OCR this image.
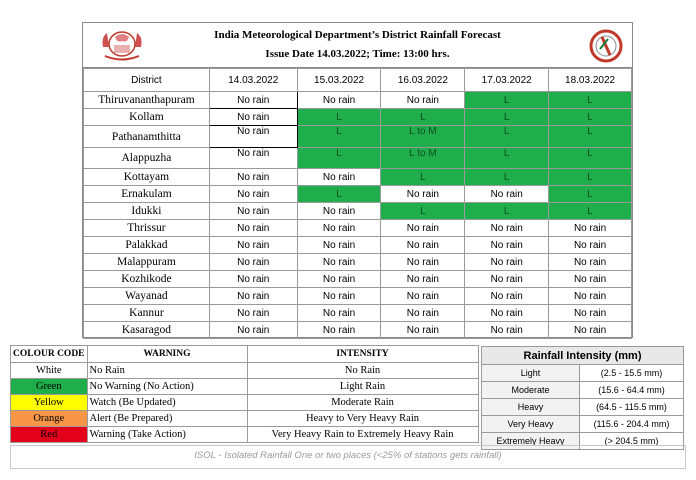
India Meteorological Department’s District Rainfall Forecast
Issue Date 14.03.2022; Time: 13:00 hrs.
District	14.03.2022	15.03.2022	16.03.2022	17.03.2022	18.03.2022
Thiruvananthapuram	No rain	No rain	No rain	L	L
Kollam	No rain	L	L	L	L
Pathanamthitta	No rain	L	L to M	L	L
Alappuzha	No rain	L	L to M	L	L
Kottayam	No rain	No rain	L	L	L
Ernakulam	No rain	L	No rain	No rain	L
Idukki	No rain	No rain	L	L	L
Thrissur	No rain	No rain	No rain	No rain	No rain
Palakkad	No rain	No rain	No rain	No rain	No rain
Malappuram	No rain	No rain	No rain	No rain	No rain
Kozhikode	No rain	No rain	No rain	No rain	No rain
Wayanad	No rain	No rain	No rain	No rain	No rain
Kannur	No rain	No rain	No rain	No rain	No rain
Kasaragod	No rain	No rain	No rain	No rain	No rain
COLOUR CODE	WARNING	INTENSITY
White	No Rain	No Rain
Green	No Warning (No Action)	Light Rain
Yellow	Watch (Be Updated)	Moderate Rain
Orange	Alert (Be Prepared)	Heavy to Very Heavy Rain
Red	Warning (Take Action)	Very Heavy Rain to Extremely Heavy Rain
Rainfall Intensity (mm)	
Light	(2.5 - 15.5 mm)
Moderate	(15.6 - 64.4 mm)
Heavy	(64.5 - 115.5 mm)
Very Heavy	(115.6 - 204.4 mm)
Extremely Heavy	(> 204.5 mm)
ISOL - Isolated Rainfall One or two places (<25% of stations gets rainfall)
